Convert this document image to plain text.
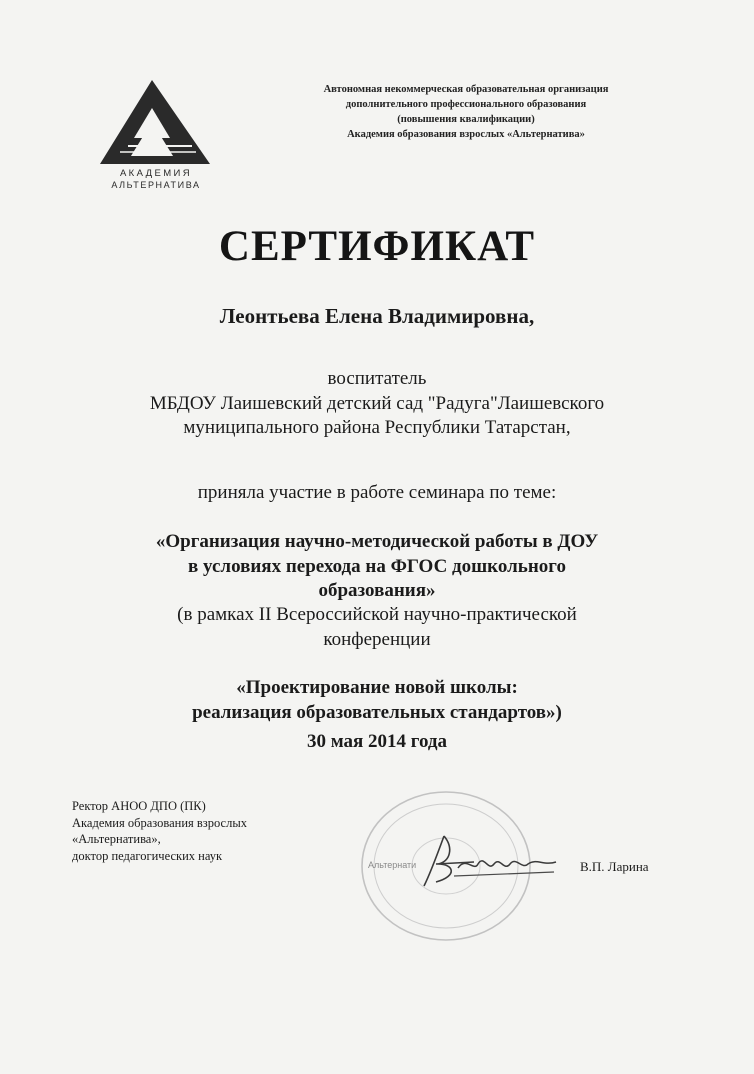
АКАДЕМИЯ
АЛЬТЕРНАТИВА
Автономная некоммерческая образовательная организация
дополнительного профессионального образования
(повышения квалификации)
Академия образования взрослых «Альтернатива»
СЕРТИФИКАТ
Леонтьева Елена Владимировна,
воспитатель
МБДОУ Лаишевский детский сад "Радуга"Лаишевского
муниципального района Республики Татарстан,
приняла участие в работе семинара по теме:
«Организация научно-методической работы в ДОУ
в условиях перехода на ФГОС дошкольного
образования»
(в рамках II Всероссийской научно-практической
конференции
«Проектирование новой школы:
реализация образовательных стандартов»)
30 мая 2014 года
Альтернати
Ректор АНОО ДПО (ПК)
Академия образования взрослых
«Альтернатива»,
доктор педагогических наук
В.П. Ларина
